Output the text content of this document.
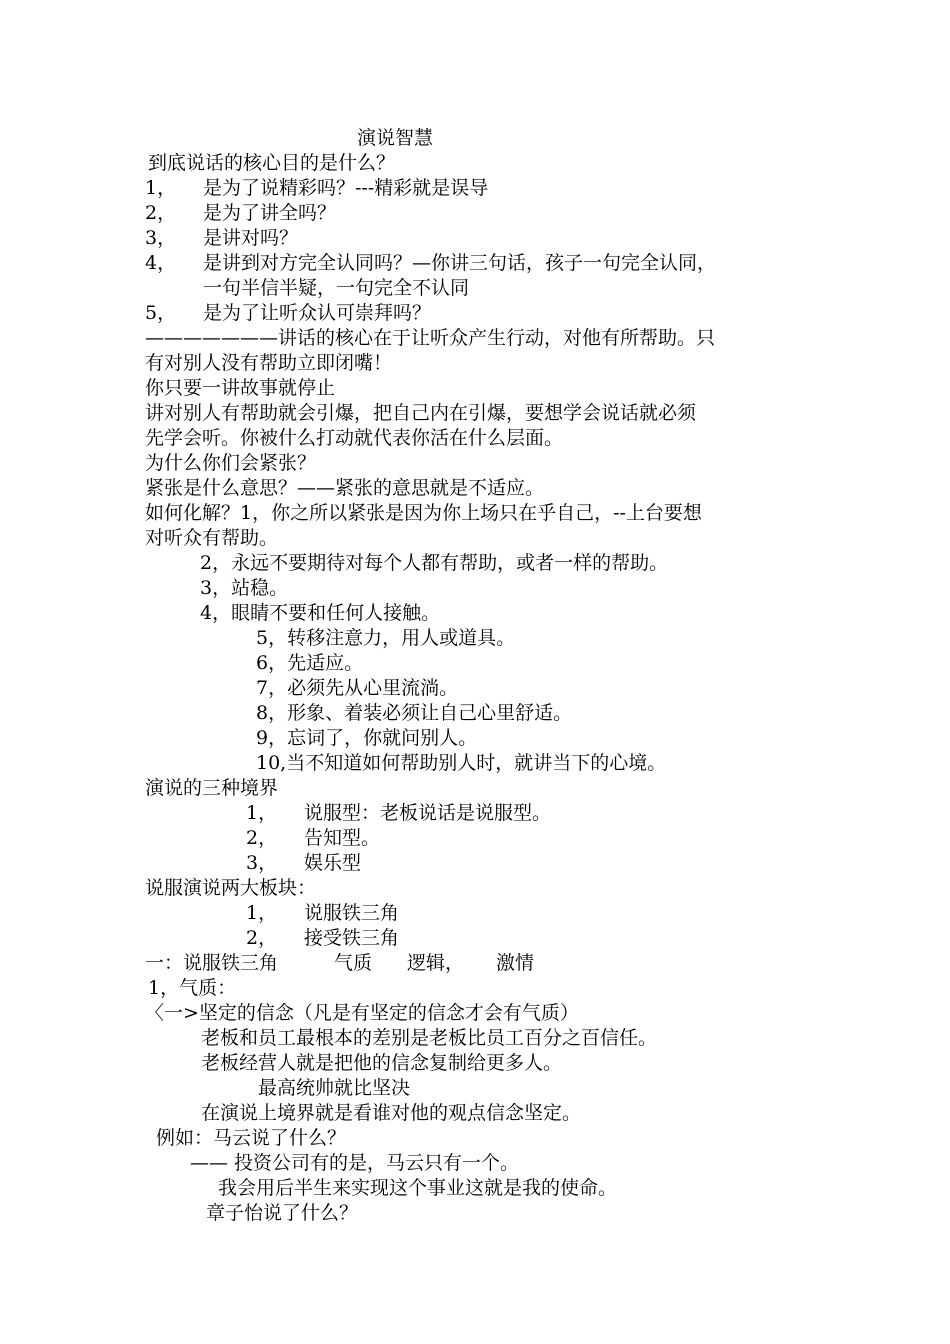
演说智慧
到底说话的核心目的是什么？
1， 是为了说精彩吗？---精彩就是误导
2， 是为了讲全吗？
3， 是讲对吗？
4， 是讲到对方完全认同吗？—你讲三句话，孩子一句完全认同，
一句半信半疑，一句完全不认同
5， 是为了让听众认可崇拜吗？
———————讲话的核心在于让听众产生行动，对他有所帮助。只
有对别人没有帮助立即闭嘴！
你只要一讲故事就停止
讲对别人有帮助就会引爆，把自己内在引爆，要想学会说话就必须
先学会听。你被什么打动就代表你活在什么层面。
为什么你们会紧张？
紧张是什么意思？——紧张的意思就是不适应。
如何化解？1，你之所以紧张是因为你上场只在乎自己，--上台要想
对听众有帮助。
2，永远不要期待对每个人都有帮助，或者一样的帮助。
3，站稳。
4，眼睛不要和任何人接触。
5，转移注意力，用人或道具。
6，先适应。
7，必须先从心里流淌。
8，形象、着装必须让自己心里舒适。
9，忘词了，你就问别人。
10,当不知道如何帮助别人时，就讲当下的心境。
演说的三种境界
1， 说服型：老板说话是说服型。
2， 告知型。
3， 娱乐型
说服演说两大板块：
1， 说服铁三角
2， 接受铁三角
一：说服铁三角	气质 逻辑， 激情
1，气质：
〈一>坚定的信念（凡是有坚定的信念才会有气质）
老板和员工最根本的差别是老板比员工百分之百信任。
老板经营人就是把他的信念复制给更多人。
最高统帅就比坚决
在演说上境界就是看谁对他的观点信念坚定。
例如：马云说了什么？
—— 投资公司有的是，马云只有一个。
我会用后半生来实现这个事业这就是我的使命。
章子怡说了什么？
